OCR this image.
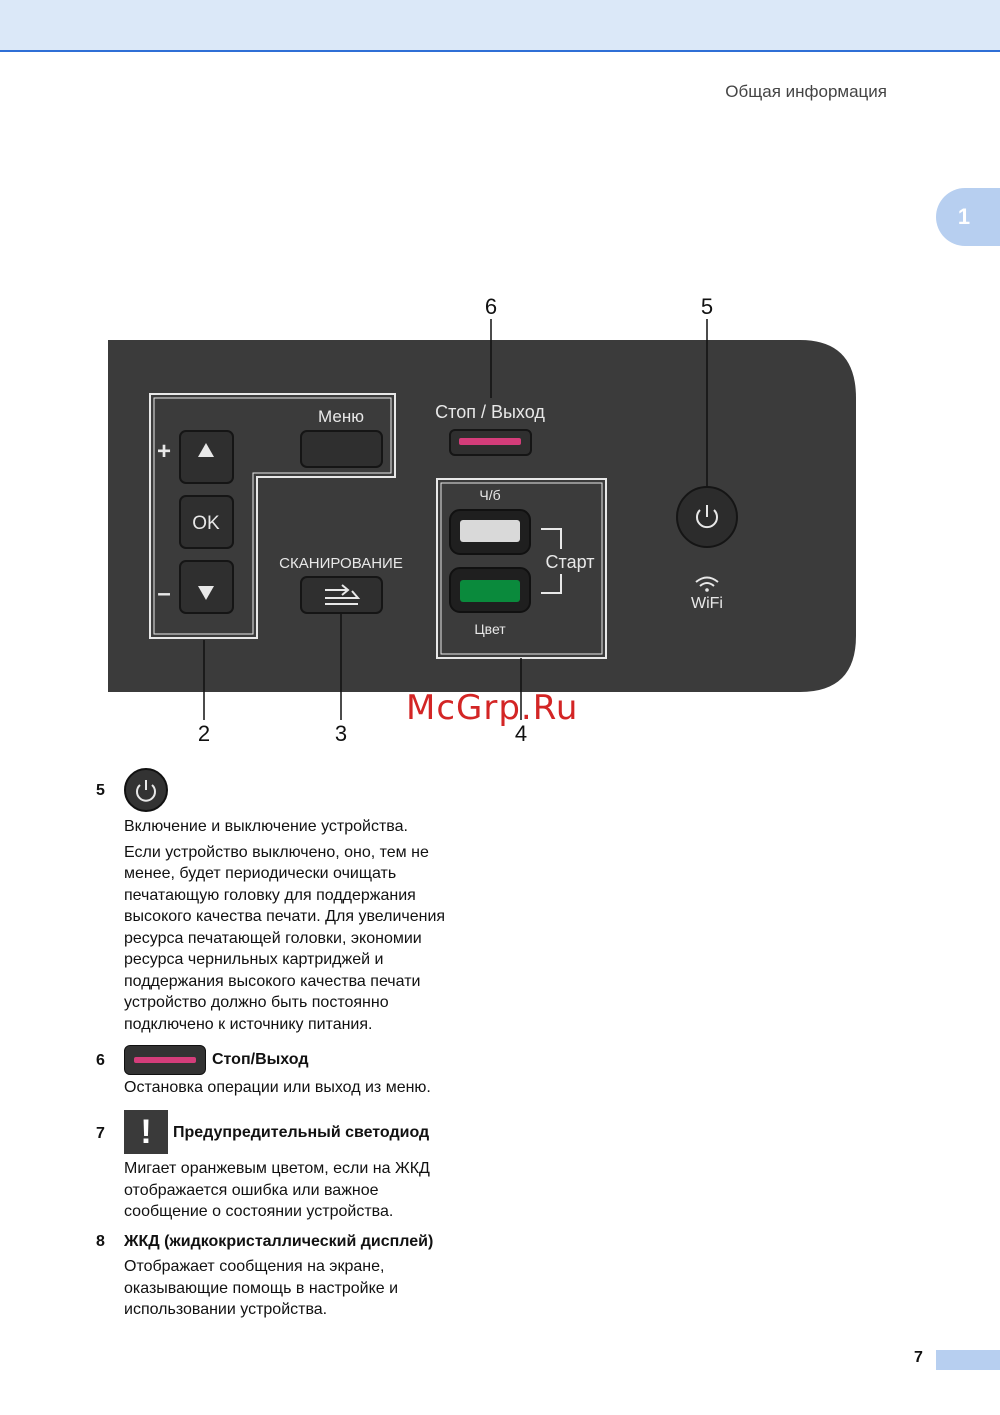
Общая информация
1
Меню
+
OK
–
СКАНИРОВАНИЕ
Стоп / Выход
Ч/б
Цвет
Старт
WiFi
6	5
2	3	4
McGrp.Ru
5
Включение и выключение устройства.
Если устройство выключено, оно, тем не
менее, будет периодически очищать
печатающую головку для поддержания
высокого качества печати. Для увеличения
ресурса печатающей головки, экономии
ресурса чернильных картриджей и
поддержания высокого качества печати
устройство должно быть постоянно
подключено к источнику питания.
6	Стоп/Выход
Остановка операции или выход из меню.
7	!	Предупредительный светодиод
Мигает оранжевым цветом, если на ЖКД
отображается ошибка или важное
сообщение о состоянии устройства.
8 ЖКД (жидкокристаллический дисплей)
Отображает сообщения на экране,
оказывающие помощь в настройке и
использовании устройства.
7
